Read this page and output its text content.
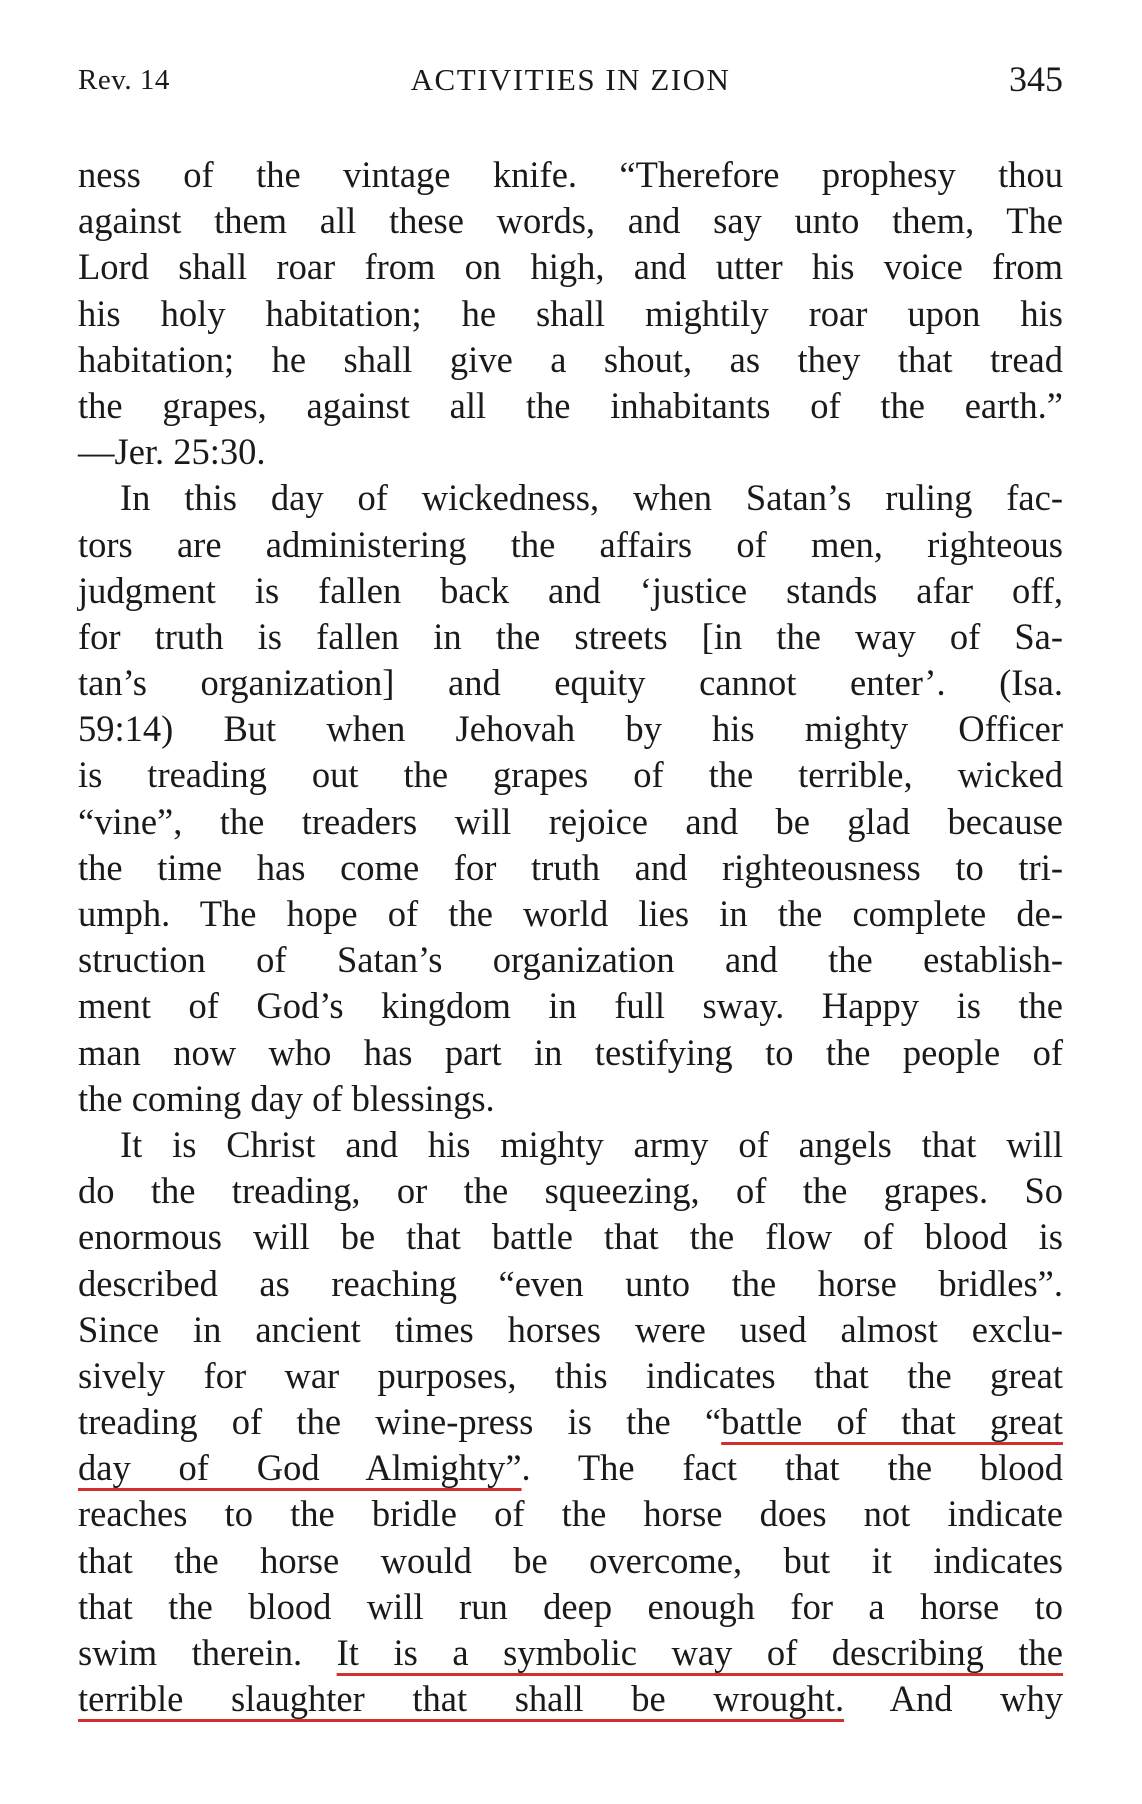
Rev. 14	ACTIVITIES IN ZION	345
ness of the vintage knife. “Therefore prophesy thou
against them all these words, and say unto them, The
Lord shall roar from on high, and utter his voice from
his holy habitation; he shall mightily roar upon his
habitation; he shall give a shout, as they that tread
the grapes, against all the inhabitants of the earth.”
—Jer. 25:30.
In this day of wickedness, when Satan’s ruling fac-
tors are administering the affairs of men, righteous
judgment is fallen back and ‘justice stands afar off,
for truth is fallen in the streets [in the way of Sa-
tan’s organization] and equity cannot enter’. (Isa.
59:14) But when Jehovah by his mighty Officer
is treading out the grapes of the terrible, wicked
“vine”, the treaders will rejoice and be glad because
the time has come for truth and righteousness to tri-
umph. The hope of the world lies in the complete de-
struction of Satan’s organization and the establish-
ment of God’s kingdom in full sway. Happy is the
man now who has part in testifying to the people of
the coming day of blessings.
It is Christ and his mighty army of angels that will
do the treading, or the squeezing, of the grapes. So
enormous will be that battle that the flow of blood is
described as reaching “even unto the horse bridles”.
Since in ancient times horses were used almost exclu-
sively for war purposes, this indicates that the great
treading of the wine-press is the “battle of that great
day of God Almighty”. The fact that the blood
reaches to the bridle of the horse does not indicate
that the horse would be overcome, but it indicates
that the blood will run deep enough for a horse to
swim therein. It is a symbolic way of describing the
terrible slaughter that shall be wrought. And why
